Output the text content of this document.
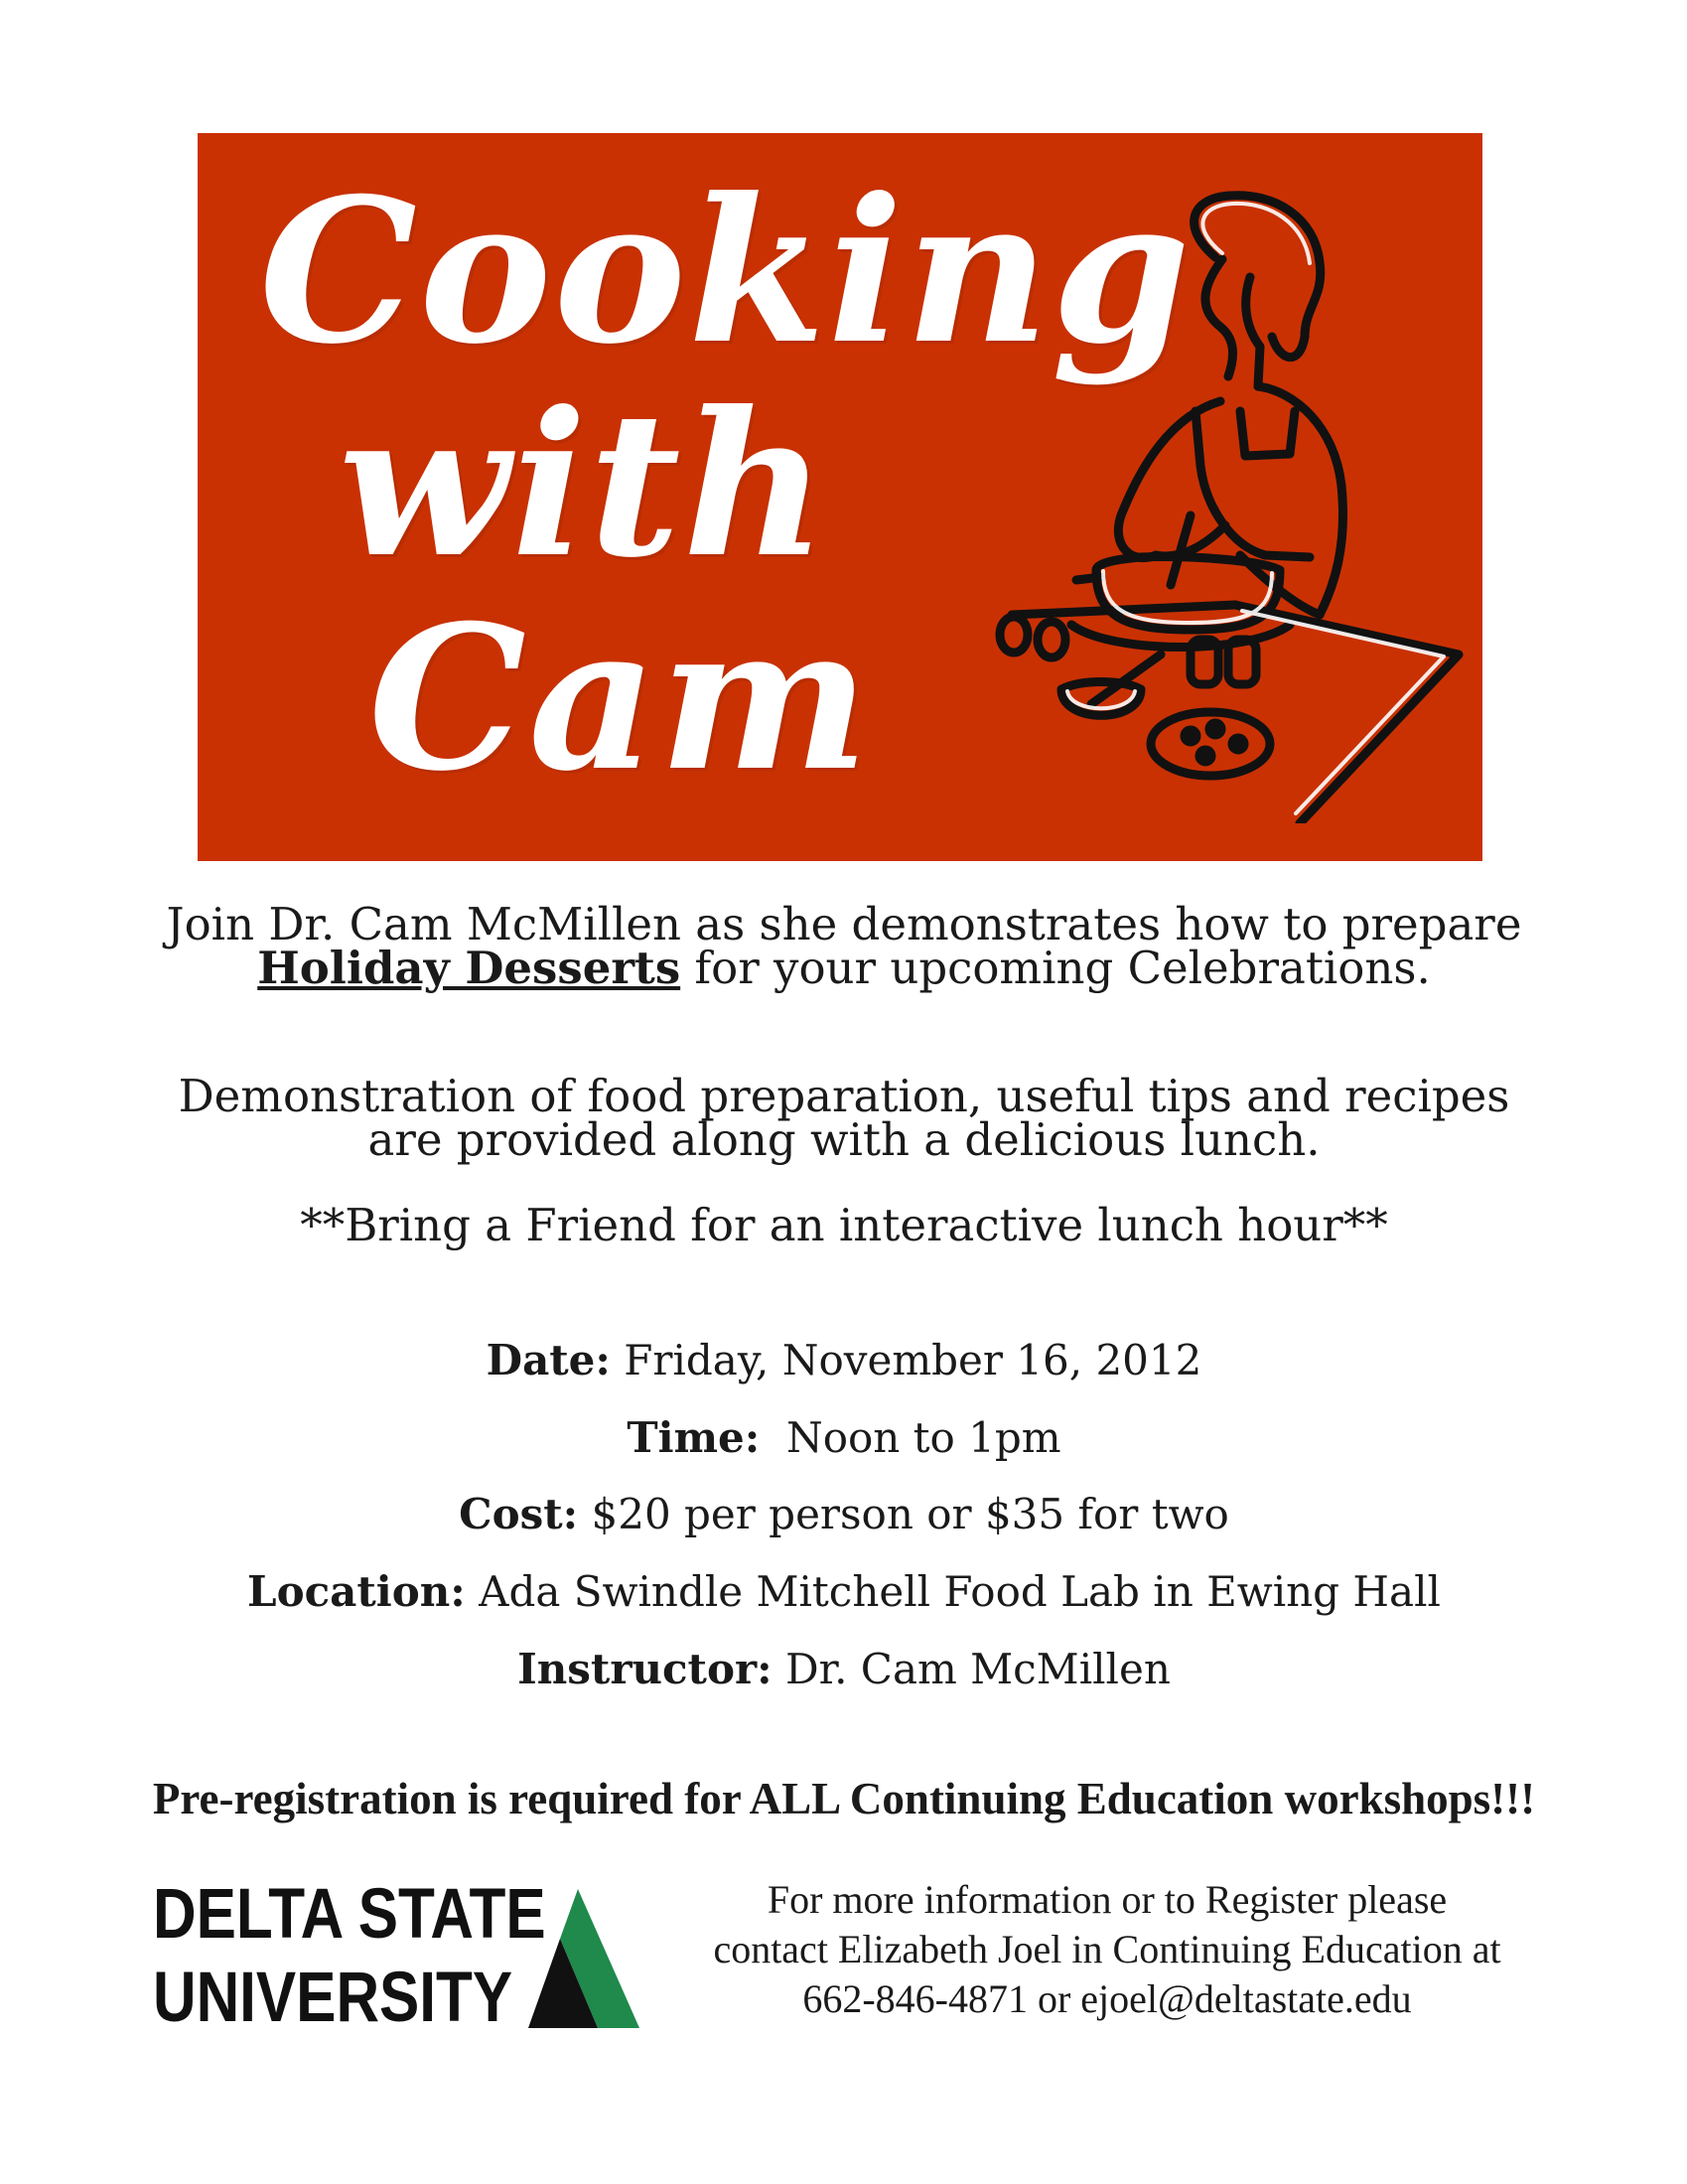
Cooking

with

Cam

Join Dr. Cam McMillen as she demonstrates how to prepare Holiday Desserts for your upcoming Celebrations.

Demonstration of food preparation, useful tips and recipes are provided along with a delicious lunch.

**Bring a Friend for an interactive lunch hour**

Date: Friday, November 16, 2012

Time: Noon to 1pm

Cost: $20 per person or $35 for two

Location: Ada Swindle Mitchell Food Lab in Ewing Hall

Instructor: Dr. Cam McMillen

Pre-registration is required for ALL Continuing Education workshops!!!

DELTA STATE

UNIVERSITY

For more information or to Register please
contact Elizabeth Joel in Continuing Education at
662-846-4871 or ejoel@deltastate.edu
